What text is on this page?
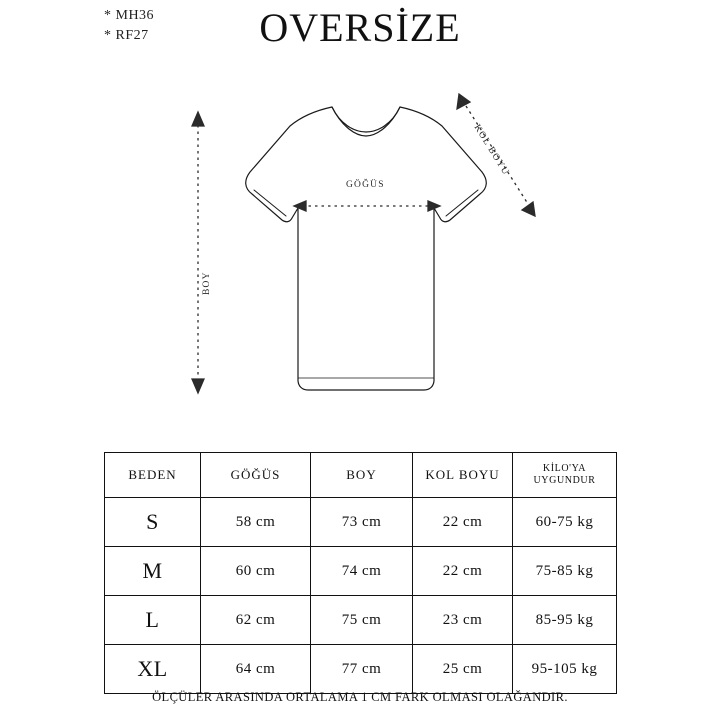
* MH36
* RF27	OVERSİZE
GÖĞÜS
BOY
KOL BOYU
BEDEN	GÖĞÜS	BOY	KOL BOYU	KİLO'YA
UYGUNDUR

S	58 cm	73 cm	22 cm	60-75 kg
M	60 cm	74 cm	22 cm	75-85 kg
L	62 cm	75 cm	23 cm	85-95 kg
XL	64 cm	77 cm	25 cm	95-105 kg
ÖLÇÜLER ARASINDA ORTALAMA 1 CM FARK OLMASI OLAĞANDIR.
